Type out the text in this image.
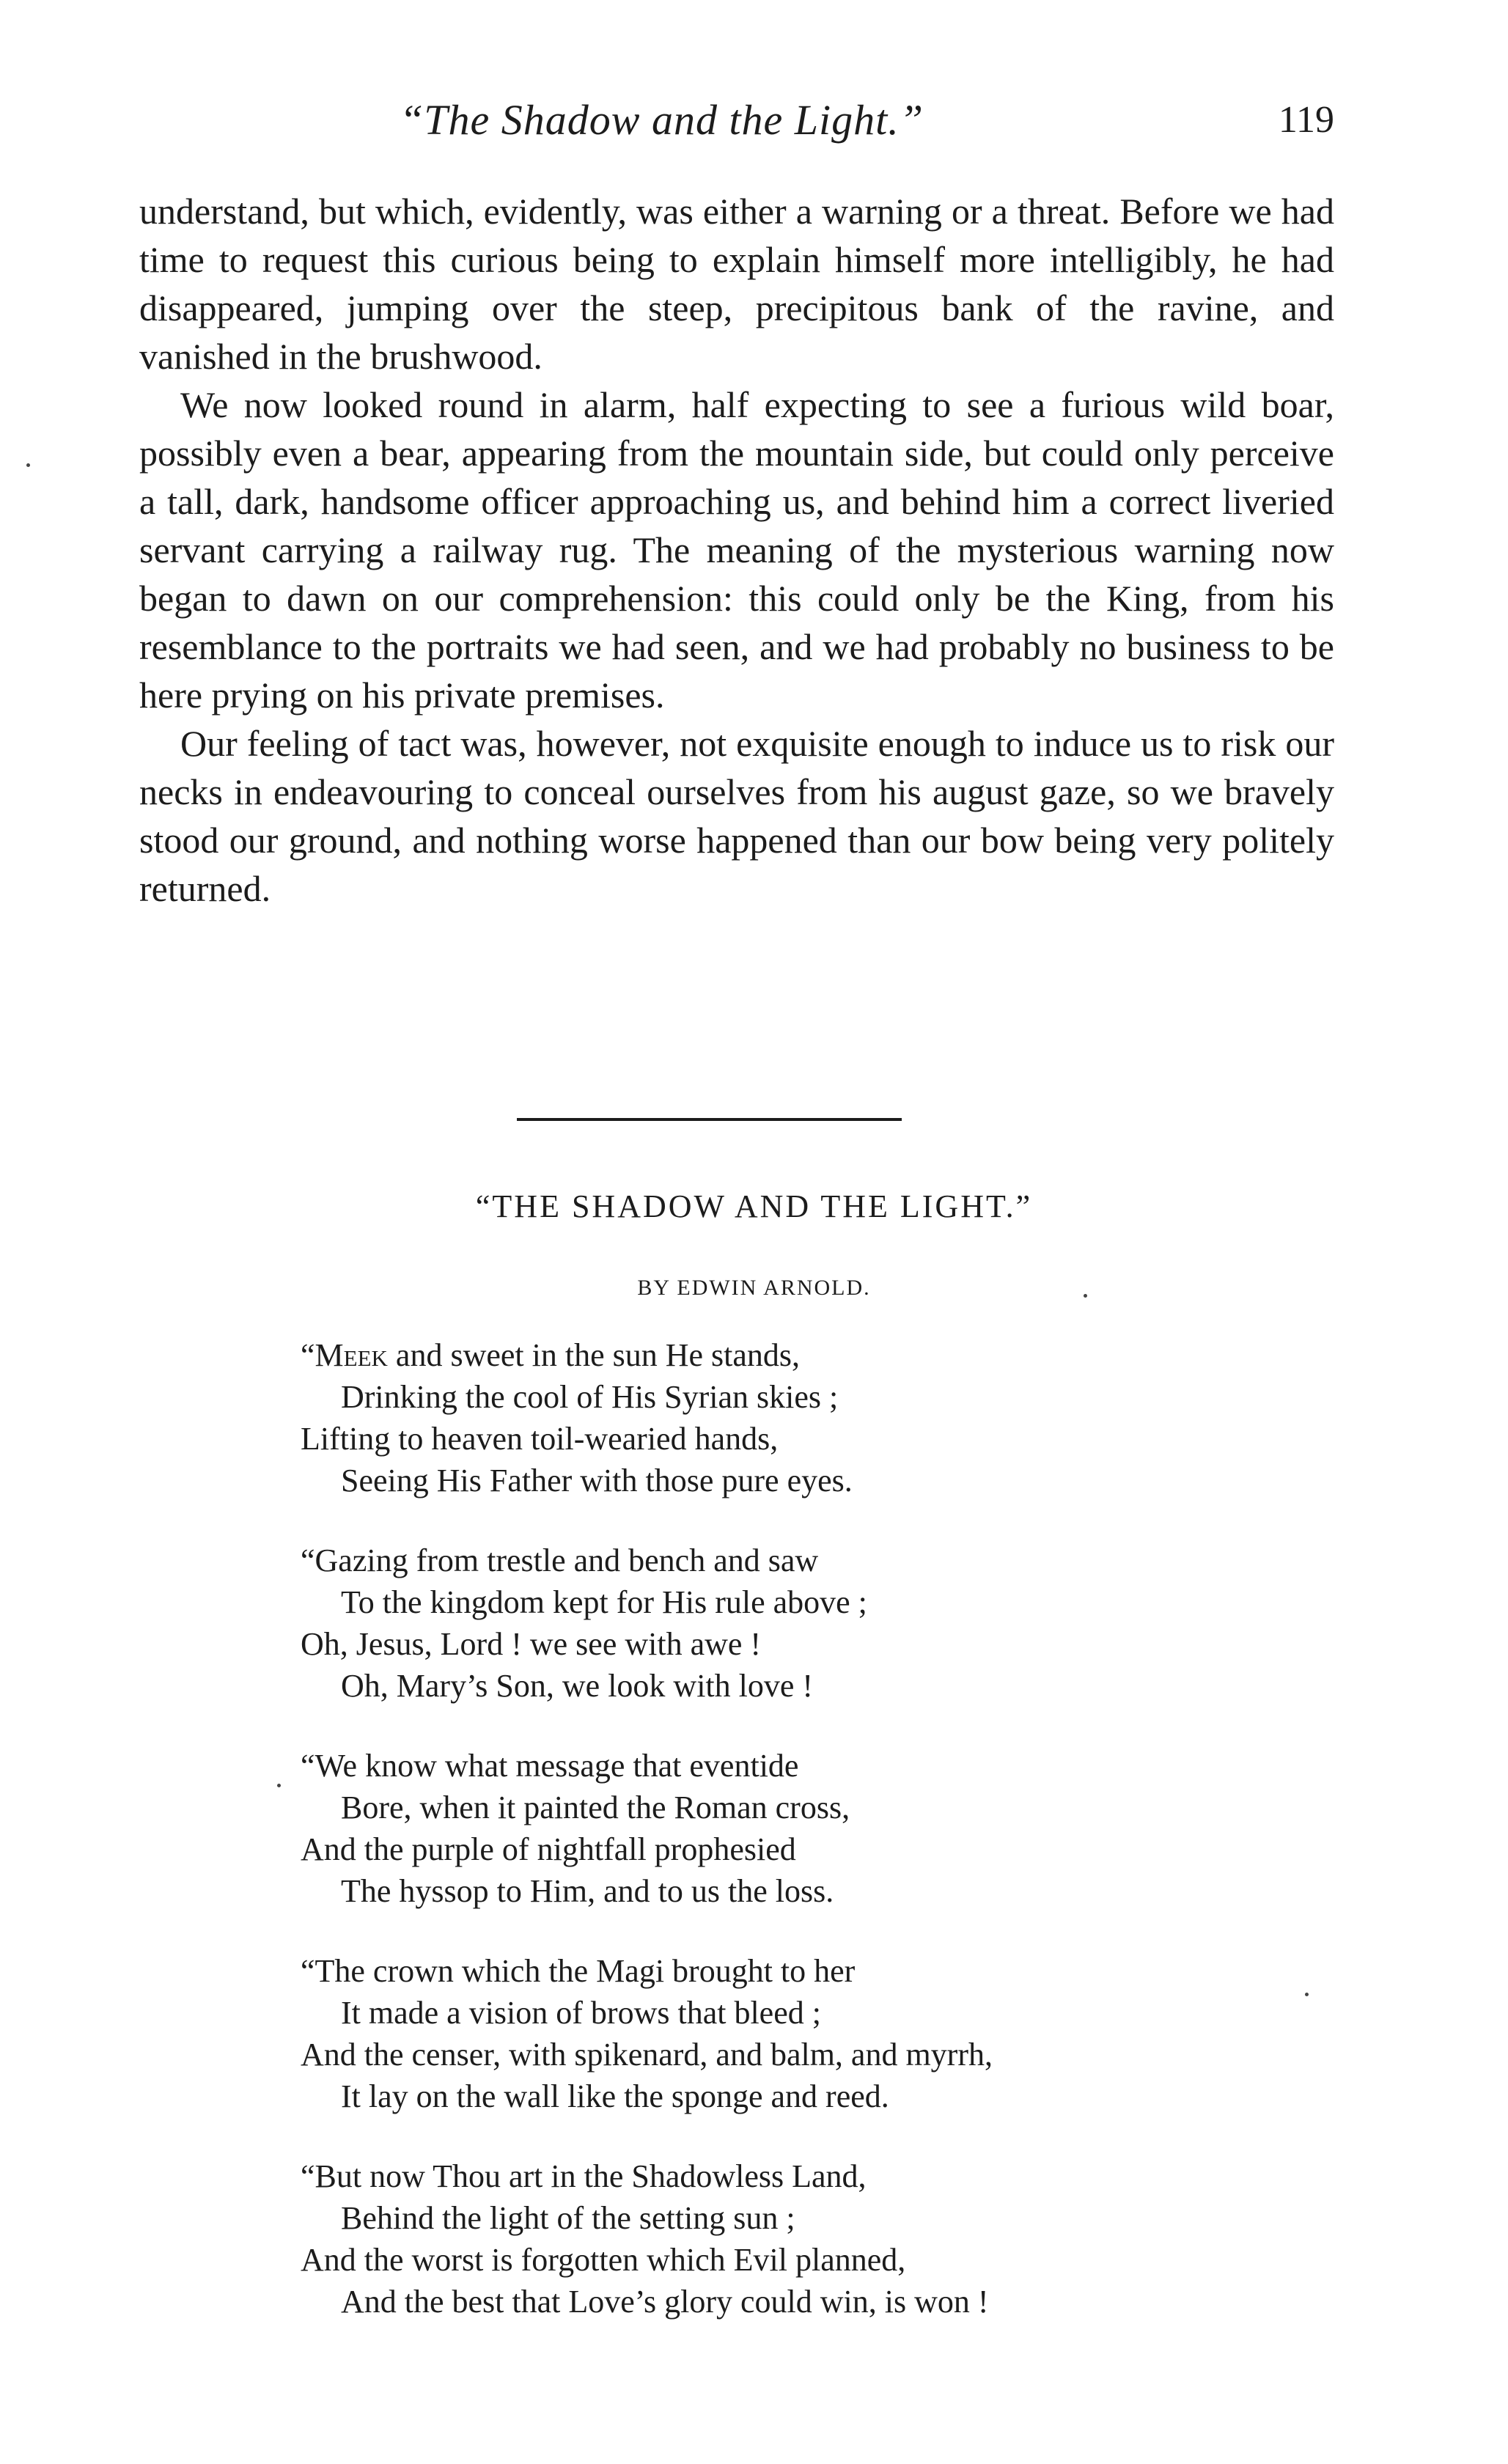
“The Shadow and the Light.”	119

understand, but which, evidently, was either a warning or a threat. Before we had time to request this curious being to explain himself more intelligibly, he had disappeared, jumping over the steep, precipitous bank of the ravine, and vanished in the brushwood.

We now looked round in alarm, half expecting to see a furious wild boar, possibly even a bear, appearing from the mountain side, but could only perceive a tall, dark, handsome officer approaching us, and behind him a correct liveried servant carrying a railway rug. The meaning of the mysterious warning now began to dawn on our comprehension: this could only be the King, from his resemblance to the portraits we had seen, and we had probably no business to be here prying on his private premises.

Our feeling of tact was, however, not exquisite enough to induce us to risk our necks in endeavouring to conceal ourselves from his august gaze, so we bravely stood our ground, and nothing worse happened than our bow being very politely returned.

“THE SHADOW AND THE LIGHT.”
BY EDWIN ARNOLD.
“Meek and sweet in the sun He stands,
Drinking the cool of His Syrian skies ;
Lifting to heaven toil-wearied hands,
Seeing His Father with those pure eyes.
“Gazing from trestle and bench and saw
To the kingdom kept for His rule above ;
Oh, Jesus, Lord ! we see with awe !
Oh, Mary’s Son, we look with love !
“We know what message that eventide
Bore, when it painted the Roman cross,
And the purple of nightfall prophesied
The hyssop to Him, and to us the loss.
“The crown which the Magi brought to her
It made a vision of brows that bleed ;
And the censer, with spikenard, and balm, and myrrh,
It lay on the wall like the sponge and reed.
“But now Thou art in the Shadowless Land,
Behind the light of the setting sun ;
And the worst is forgotten which Evil planned,
And the best that Love’s glory could win, is won !
